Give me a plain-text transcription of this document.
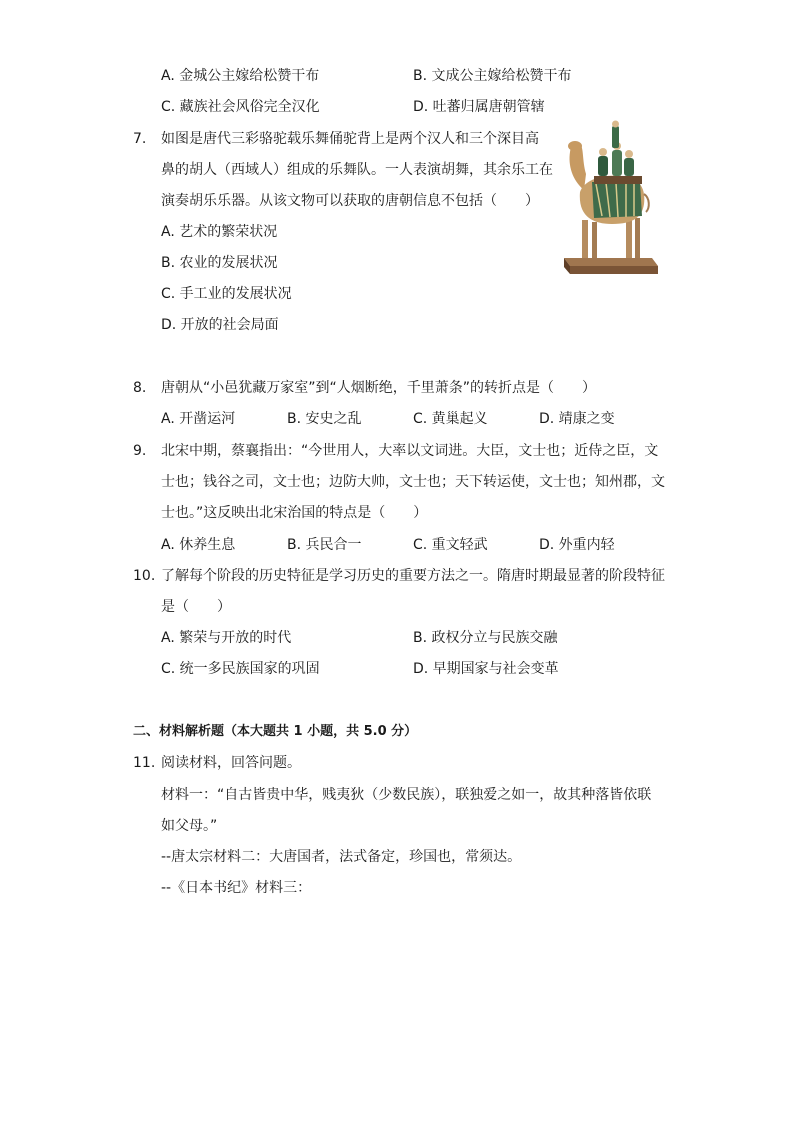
A. 金城公主嫁给松赞干布	B. 文成公主嫁给松赞干布
C. 藏族社会风俗完全汉化	D. 吐蕃归属唐朝管辖
7. 如图是唐代三彩骆驼载乐舞俑驼背上是两个汉人和三个深目高
鼻的胡人（西域人）组成的乐舞队。一人表演胡舞，其余乐工在
演奏胡乐乐器。从该文物可以获取的唐朝信息不包括（　　）
A. 艺术的繁荣状况
B. 农业的发展状况
C. 手工业的发展状况
D. 开放的社会局面
8. 唐朝从“小邑犹藏万家室”到“人烟断绝，千里萧条”的转折点是（　　）
A. 开凿运河	B. 安史之乱	C. 黄巢起义	D. 靖康之变
9. 北宋中期，蔡襄指出：“今世用人，大率以文词进。大臣，文士也；近侍之臣，文
士也；钱谷之司，文士也；边防大帅，文士也；天下转运使，文士也；知州郡，文
士也。”这反映出北宋治国的特点是（　　）
A. 休养生息	B. 兵民合一	C. 重文轻武	D. 外重内轻
10. 了解每个阶段的历史特征是学习历史的重要方法之一。隋唐时期最显著的阶段特征
是（　　）
A. 繁荣与开放的时代	B. 政权分立与民族交融
C. 统一多民族国家的巩固	D. 早期国家与社会变革
二、材料解析题（本大题共 1 小题，共 5.0 分）
11. 阅读材料，回答问题。
材料一：“自古皆贵中华，贱夷狄（少数民族），联独爱之如一，故其种落皆依联
如父母。”
--唐太宗材料二：大唐国者，法式备定，珍国也，常须达。
--《日本书纪》材料三：
